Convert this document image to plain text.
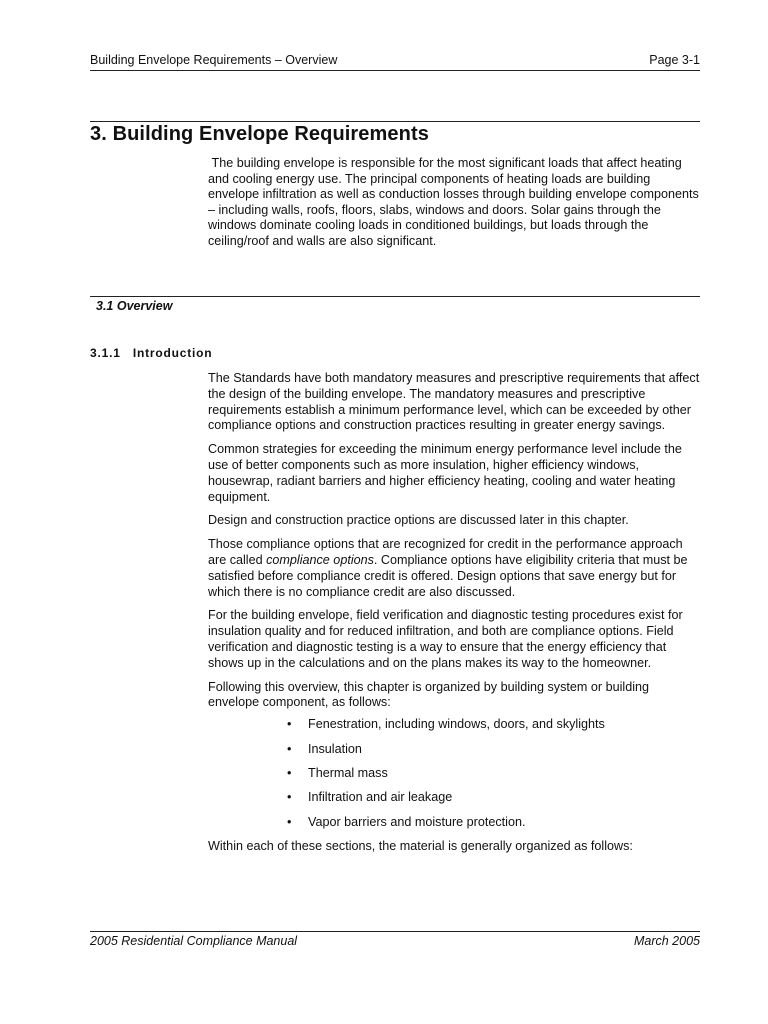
Building Envelope Requirements – Overview	Page 3-1
3. Building Envelope Requirements

The building envelope is responsible for the most significant loads that affect heating and cooling energy use. The principal components of heating loads are building envelope infiltration as well as conduction losses through building envelope components – including walls, roofs, floors, slabs, windows and doors. Solar gains through the windows dominate cooling loads in conditioned buildings, but loads through the ceiling/roof and walls are also significant.

3.1 Overview
3.1.1 Introduction

The Standards have both mandatory measures and prescriptive requirements that affect the design of the building envelope. The mandatory measures and prescriptive requirements establish a minimum performance level, which can be exceeded by other compliance options and construction practices resulting in greater energy savings.

Common strategies for exceeding the minimum energy performance level include the use of better components such as more insulation, higher efficiency windows, housewrap, radiant barriers and higher efficiency heating, cooling and water heating equipment.

Design and construction practice options are discussed later in this chapter.

Those compliance options that are recognized for credit in the performance approach are called compliance options. Compliance options have eligibility criteria that must be satisfied before compliance credit is offered. Design options that save energy but for which there is no compliance credit are also discussed.

For the building envelope, field verification and diagnostic testing procedures exist for insulation quality and for reduced infiltration, and both are compliance options. Field verification and diagnostic testing is a way to ensure that the energy efficiency that shows up in the calculations and on the plans makes its way to the homeowner.

Following this overview, this chapter is organized by building system or building envelope component, as follows:

• Fenestration, including windows, doors, and skylights
• Insulation
• Thermal mass
• Infiltration and air leakage
• Vapor barriers and moisture protection.

Within each of these sections, the material is generally organized as follows:

2005 Residential Compliance Manual	March 2005
